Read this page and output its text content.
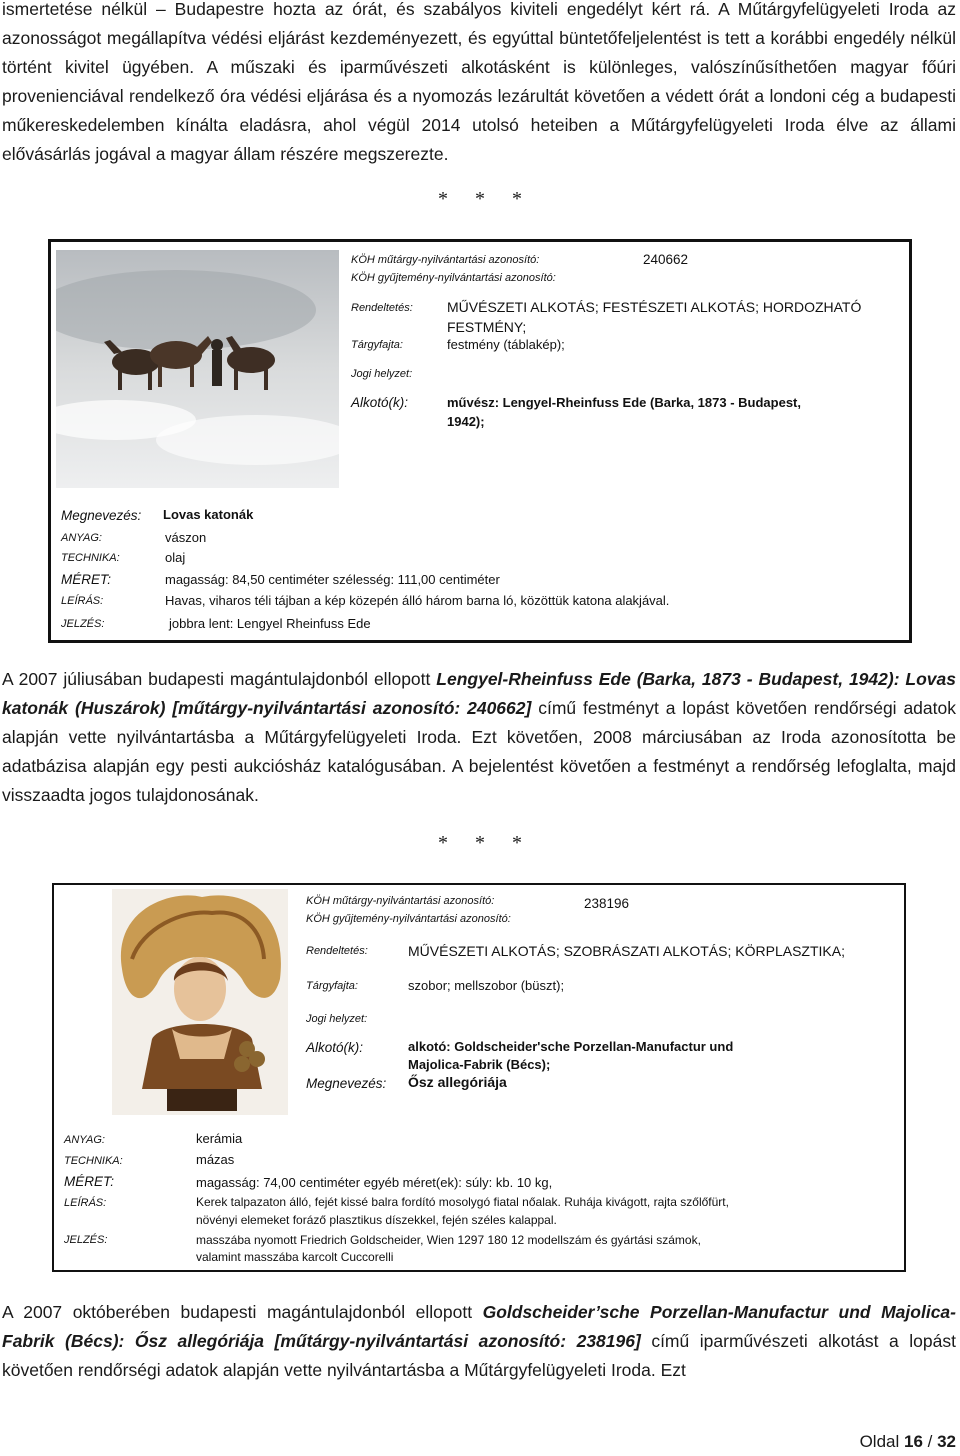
ismertetése nélkül – Budapestre hozta az órát, és szabályos kiviteli engedélyt kért rá. A Műtárgyfelügyeleti Iroda az azonosságot megállapítva védési eljárást kezdeményezett, és egyúttal büntetőfeljelentést is tett a korábbi engedély nélkül történt kivitel ügyében. A műszaki és iparművészeti alkotásként is különleges, valószínűsíthetően magyar főúri provenienciával rendelkező óra védési eljárása és a nyomozás lezárultát követően a védett órát a londoni cég a budapesti műkereskedelemben kínálta eladásra, ahol végül 2014 utolsó heteiben a Műtárgyfelügyeleti Iroda élve az állami elővásárlás jogával a magyar állam részére megszerezte.

* * *
KÖH műtárgy-nyilvántartási azonosító:	240662
KÖH gyűjtemény-nyilvántartási azonosító:
Rendeltetés: MŰVÉSZETI ALKOTÁS; FESTÉSZETI ALKOTÁS; HORDOZHATÓ
FESTMÉNY;
Tárgyfajta:	festmény (táblakép);
Jogi helyzet:
Alkotó(k):	művész: Lengyel-Rheinfuss Ede (Barka, 1873 - Budapest,
1942);
Megnevezés: Lovas katonák
ANYAG:	vászon
TECHNIKA:	olaj
MÉRET:	magasság: 84,50 centiméter szélesség: 111,00 centiméter
LEÍRÁS:	Havas, viharos téli tájban a kép közepén álló három barna ló, közöttük katona alakjával.
JELZÉS:	jobbra lent: Lengyel Rheinfuss Ede

A 2007 júliusában budapesti magántulajdonból ellopott Lengyel-Rheinfuss Ede (Barka, 1873 - Budapest, 1942): Lovas katonák (Huszárok) [műtárgy-nyilvántartási azonosító: 240662] című festményt a lopást követően rendőrségi adatok alapján vette nyilvántartásba a Műtárgyfelügyeleti Iroda. Ezt követően, 2008 márciusában az Iroda azonosította be adatbázisa alapján egy pesti aukciósház katalógusában. A bejelentést követően a festményt a rendőrség lefoglalta, majd visszaadta jogos tulajdonosának.

* * *
KÖH műtárgy-nyilvántartási azonosító:	238196
KÖH gyűjtemény-nyilvántartási azonosító:
Rendeltetés:	MŰVÉSZETI ALKOTÁS; SZOBRÁSZATI ALKOTÁS; KÖRPLASZTIKA;
Tárgyfajta:	szobor; mellszobor (büszt);
Jogi helyzet:
Alkotó(k):	alkotó: Goldscheider'sche Porzellan-Manufactur und
Majolica-Fabrik (Bécs);
Megnevezés: Ősz allegóriája
ANYAG:	kerámia
TECHNIKA:	mázas
MÉRET:	magasság: 74,00 centiméter egyéb méret(ek): súly: kb. 10 kg,
LEÍRÁS:	Kerek talpazaton álló, fejét kissé balra fordító mosolygó fiatal nőalak. Ruhája kivágott, rajta szőlőfürt,
növényi elemeket foráző plasztikus díszekkel, fején széles kalappal.
JELZÉS:	masszába nyomott Friedrich Goldscheider, Wien 1297 180 12 modellszám és gyártási számok,
valamint masszába karcolt Cuccorelli

A 2007 októberében budapesti magántulajdonból ellopott Goldscheider’sche Porzellan-Manufactur und Majolica-Fabrik (Bécs): Ősz allegóriája [műtárgy-nyilvántartási azonosító: 238196] című iparművészeti alkotást a lopást követően rendőrségi adatok alapján vette nyilvántartásba a Műtárgyfelügyeleti Iroda. Ezt

Oldal 16 / 32
